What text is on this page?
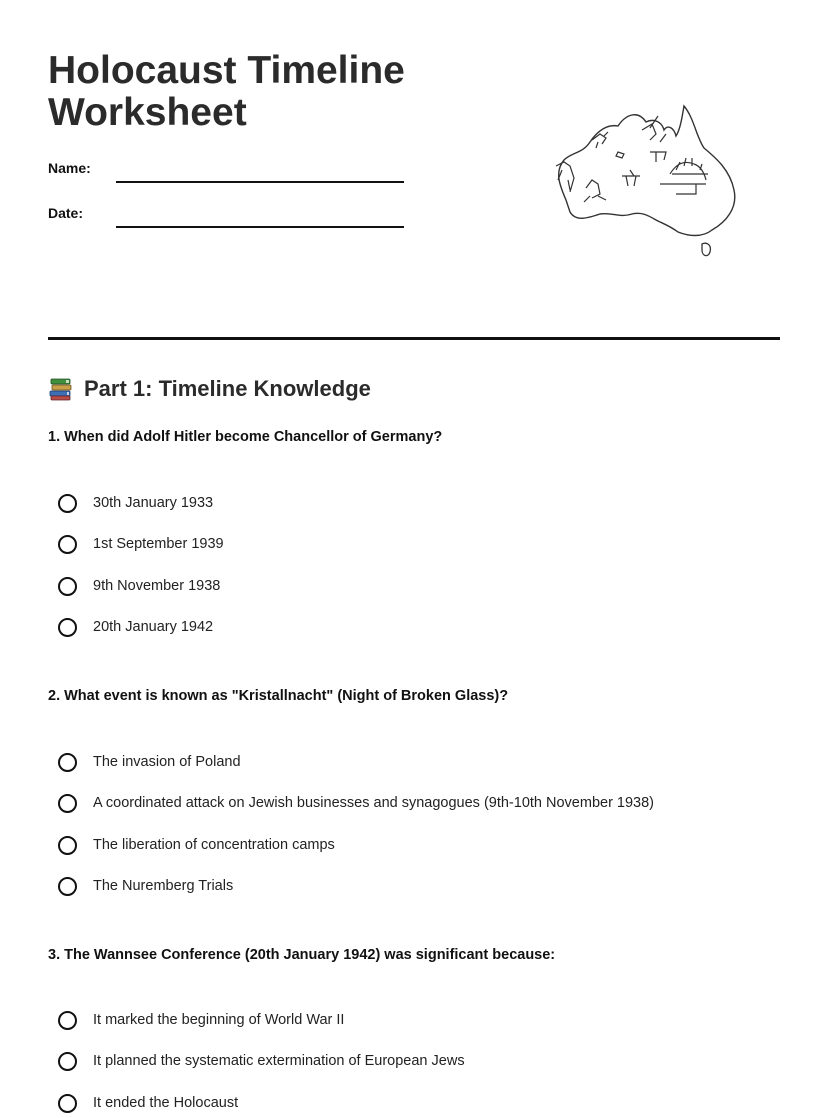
Holocaust Timeline Worksheet
Name:
Date:
Part 1: Timeline Knowledge

1. When did Adolf Hitler become Chancellor of Germany?

30th January 1933
1st September 1939
9th November 1938
20th January 1942

2. What event is known as "Kristallnacht" (Night of Broken Glass)?

The invasion of Poland
A coordinated attack on Jewish businesses and synagogues (9th-10th November 1938)
The liberation of concentration camps
The Nuremberg Trials

3. The Wannsee Conference (20th January 1942) was significant because:

It marked the beginning of World War II
It planned the systematic extermination of European Jews
It ended the Holocaust
